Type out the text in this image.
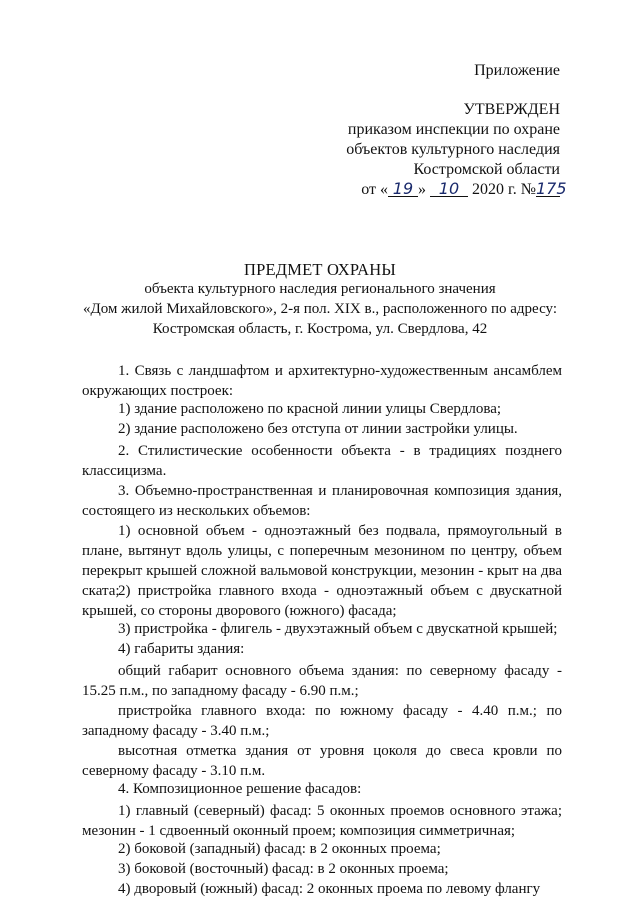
Приложение
УТВЕРЖДЕН
приказом инспекции по охране
объектов культурного наследия
Костромской области
от « 19 » 10 2020 г. №175
ПРЕДМЕТ ОХРАНЫ
объекта культурного наследия регионального значения
«Дом жилой Михайловского», 2-я пол. XIX в., расположенного по адресу:
Костромская область, г. Кострома, ул. Свердлова, 42
1. Связь с ландшафтом и архитектурно-художественным ансамблем окружающих построек:
1) здание расположено по красной линии улицы Свердлова;
2) здание расположено без отступа от линии застройки улицы.
2. Стилистические особенности объекта - в традициях позднего классицизма.
3. Объемно-пространственная и планировочная композиция здания, состоящего из нескольких объемов:
1) основной объем - одноэтажный без подвала, прямоугольный в плане, вытянут вдоль улицы, с поперечным мезонином по центру, объем перекрыт крышей сложной вальмовой конструкции, мезонин - крыт на два ската;
2) пристройка главного входа - одноэтажный объем с двускатной крышей, со стороны дворового (южного) фасада;
3) пристройка - флигель - двухэтажный объем с двускатной крышей;
4) габариты здания:
общий габарит основного объема здания: по северному фасаду - 15.25 п.м., по западному фасаду - 6.90 п.м.;
пристройка главного входа: по южному фасаду - 4.40 п.м.; по западному фасаду - 3.40 п.м.;
высотная отметка здания от уровня цоколя до свеса кровли по северному фасаду - 3.10 п.м.
4. Композиционное решение фасадов:
1) главный (северный) фасад: 5 оконных проемов основного этажа; мезонин - 1 сдвоенный оконный проем; композиция симметричная;
2) боковой (западный) фасад: в 2 оконных проема;
3) боковой (восточный) фасад: в 2 оконных проема;
4) дворовый (южный) фасад: 2 оконных проема по левому флангу
